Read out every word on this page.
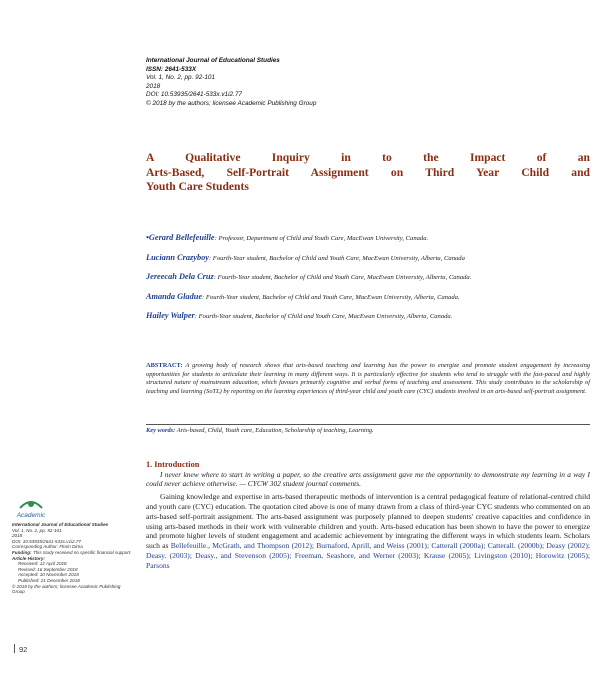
International Journal of Educational Studies
ISSN: 2641-533X
Vol. 1, No. 2, pp. 92-101
2018
DOI: 10.53935/2641-533x.v1i2.77
© 2018 by the authors; licensee Academic Publishing Group
A Qualitative Inquiry in to the Impact of an
Arts-Based, Self-Portrait Assignment on Third Year Child and
Youth Care Students
•Gerard Bellefeuille: Professor, Department of Child and Youth Care, MacEwan University, Canada.
Luciann Crazyboy: Fourth-Year student, Bachelor of Child and Youth Care, MacEwan University, Alberta, Canada
Jereecah Dela Cruz: Fourth-Year student, Bachelor of Child and Youth Care, MacEwan University, Alberta, Canada.
Amanda Gladue: Fourth-Year student, Bachelor of Child and Youth Care, MacEwan University, Alberta, Canada.
Hailey Walper: Fourth-Year student, Bachelor of Child and Youth Care, MacEwan University, Alberta, Canada.
ABSTRACT: A growing body of research shows that arts-based teaching and learning has the power to energize and promote student engagement by increasing opportunities for students to articulate their learning in many different ways. It is particularly effective for students who tend to struggle with the fast-paced and highly structured nature of mainstream education, which favours primarily cognitive and verbal forms of teaching and assessment. This study contributes to the scholarship of teaching and learning (SoTL) by reporting on the learning experiences of third-year child and youth care (CYC) students involved in an arts-based self-portrait assignment.
Key words: Arts-based, Child, Youth care, Education, Scholarship of teaching, Learning.
1. Introduction
I never knew where to start in writing a paper, so the creative arts assignment gave me the opportunity to demonstrate my learning in a way I could never achieve otherwise. — CYCW 302 student journal comments.
Gaining knowledge and expertise in arts-based therapeutic methods of intervention is a central pedagogical feature of relational-centred child and youth care (CYC) education. The quotation cited above is one of many drawn from a class of third-year CYC students who commented on an arts-based self-portrait assignment. The arts-based assignment was purposely planned to deepen students' creative capacities and confidence in using arts-based methods in their work with vulnerable children and youth. Arts-based education has been shown to have the power to energize and promote higher levels of student engagement and academic achievement by integrating the different ways in which students learn. Scholars such as Bellefeuille., McGrath, and Thompson (2012); Burnaford, Aprill, and Weiss (2001); Catterall (2000a); Catterall. (2000b); Deasy (2002); Deasy. (2003); Deasy., and Stevenson (2005); Freeman, Seashore, and Werner (2003); Krause (2005); Livingston (2010); Horowitz (2005); Parsons
Academic
International Journal of Educational Studies
Vol. 1, No. 2, pp. 92-101
2018
DOI: 10.53935/2641-533x.v1i2.77
Corresponding Author: Florin Dima
Funding: This study received no specific financial support.
Article History:
Received: 12 April 2018
Revised: 16 September 2018
Accepted: 10 November 2018
Published: 21 December 2018
© 2018 by the authors; licensee Academic Publishing Group
92
